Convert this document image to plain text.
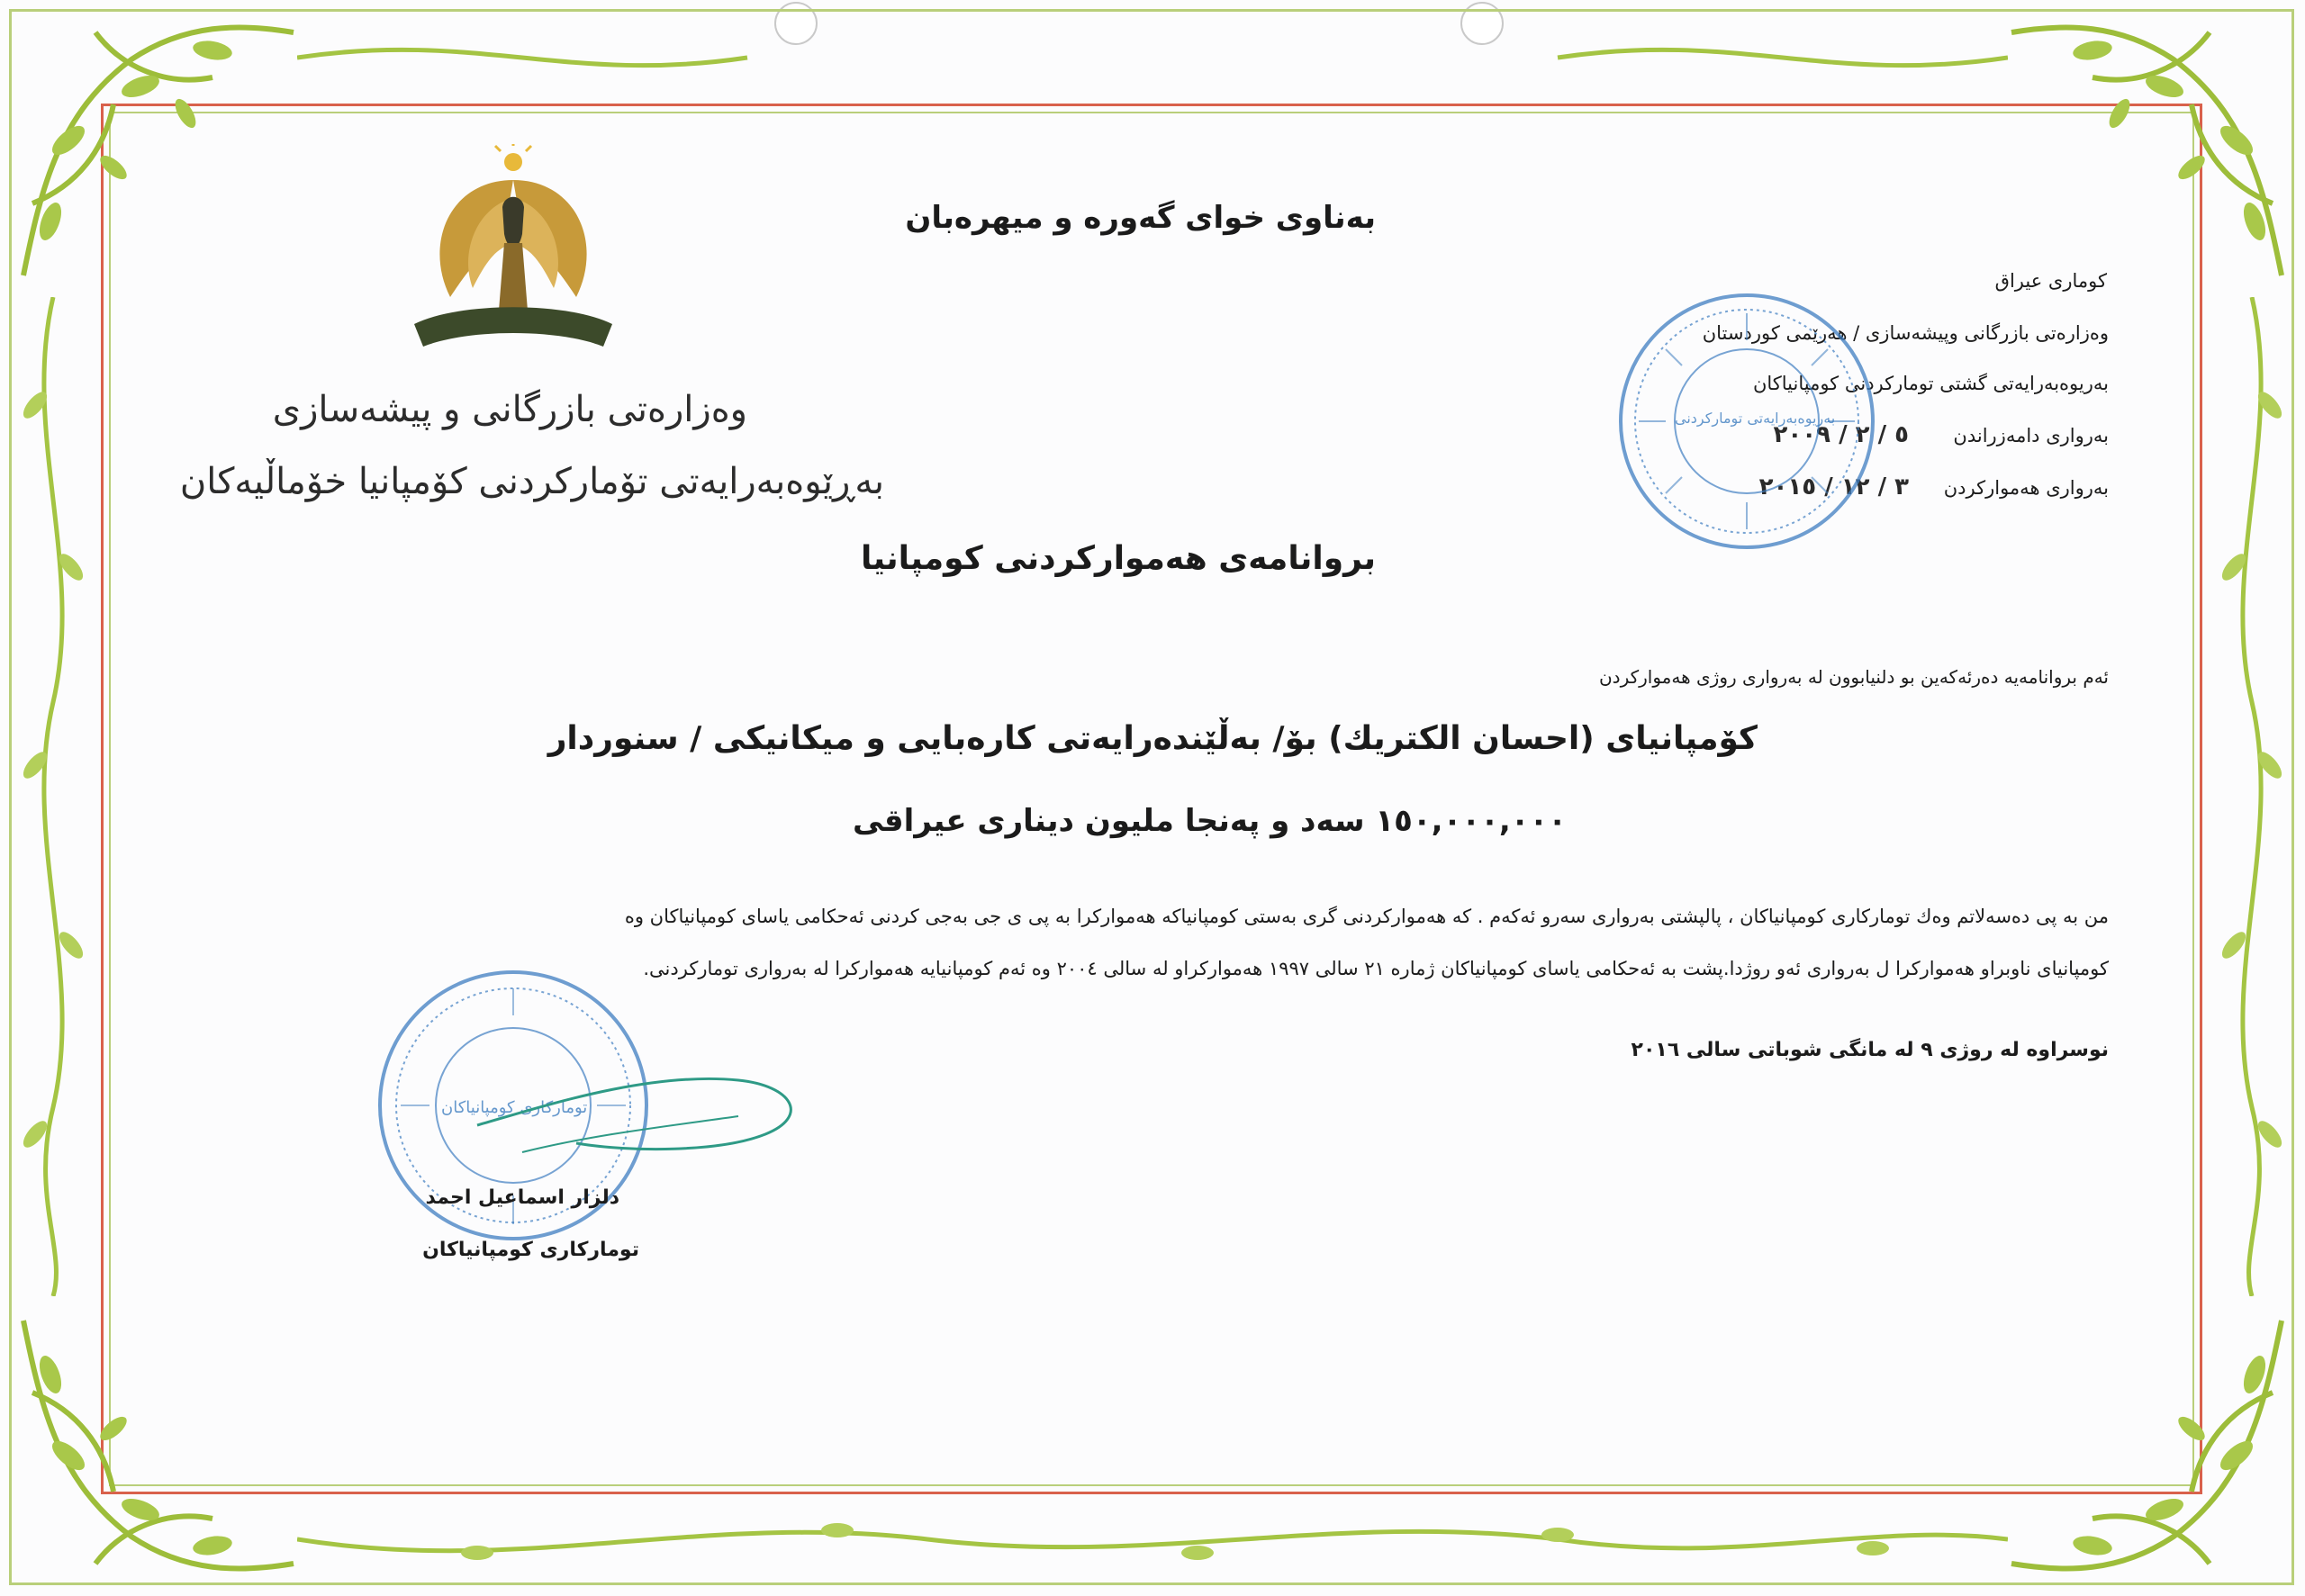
بەناوی خوای گەورە و میهرەبان
وەزارەتی بازرگانی و پیشەسازی
بەڕێوەبەرایەتی تۆمارکردنی کۆمپانیا خۆماڵیەکان
کوماری عیراق
وەزارەتی بازرگانی وپیشەسازی / هەرێمی کوردستان
بەریوەبەرایەتی گشتی تومارکردنی کومپانیاکان
بەرواری دامەزراندن
٥ / ٢ / ٢٠٠٩
بەرواری هەمواركردن
٣ / ١٢ / ٢٠١٥
بەریوەبەرایەتی تومارکردنی
بروانامەی هەمواركردنی كومپانیا
ئەم بروانامەیە دەرئەكەین بو دلنیابوون لە بەرواری روژی هەمواركردن
كۆمپانیای (احسان الكتريك) بۆ/ بەڵێندەرایەتی كارەبایی و میكانیكی / سنوردار
١٥٠,٠٠٠,٠٠٠ سەد و پەنجا ملیون دیناری عیراقی
من به پی دەسەلاتم وەك تومارکاری کومپانیاکان ، پالپشتی بەرواری سەرو ئەکەم . کە هەمواركردنی گری بەستی کومپانیاکە هەمواركرا بە پی ی جی بەجی کردنی ئەحكامی یاسای کومپانیاکان وە
کومپانیای ناوبراو هەمواركرا ل بەرواری ئەو روژدا.پشت بە ئەحكامی یاسای کومپانیاکان ژمارە ٢١ سالی ١٩٩٧ هەمواركراو لە سالی ٢٠٠٤ وە ئەم کومپانیایە هەمواركرا لە بەرواری تومارکردنی.
نوسراوە لە روژی ٩ لە مانگی شوباتی سالی ٢٠١٦
تومارکاری کومپانیاکان
دلزار اسماعیل احمد
تومارکاری کومپانیاکان
